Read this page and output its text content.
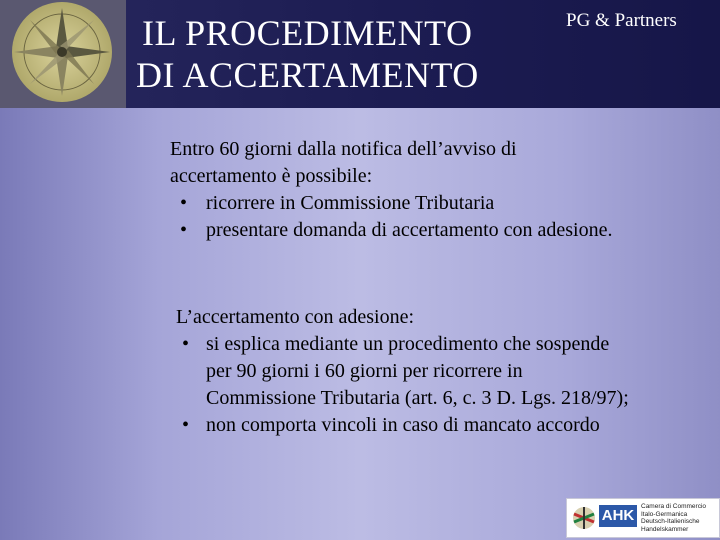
IL PROCEDIMENTO
DI ACCERTAMENTO
PG & Partners
Entro 60 giorni dalla notifica dell’avviso di
accertamento è possibile:
• ricorrere in Commissione Tributaria
• presentare domanda di accertamento con adesione.
L’accertamento con adesione:
• si esplica mediante un procedimento che sospende
per 90 giorni i 60 giorni per ricorrere in
Commissione Tributaria (art. 6, c. 3 D. Lgs. 218/97);
• non comporta vincoli in caso di mancato accordo
AHK
Camera di Commercio
Italo-Germanica
Deutsch-Italienische
Handelskammer
